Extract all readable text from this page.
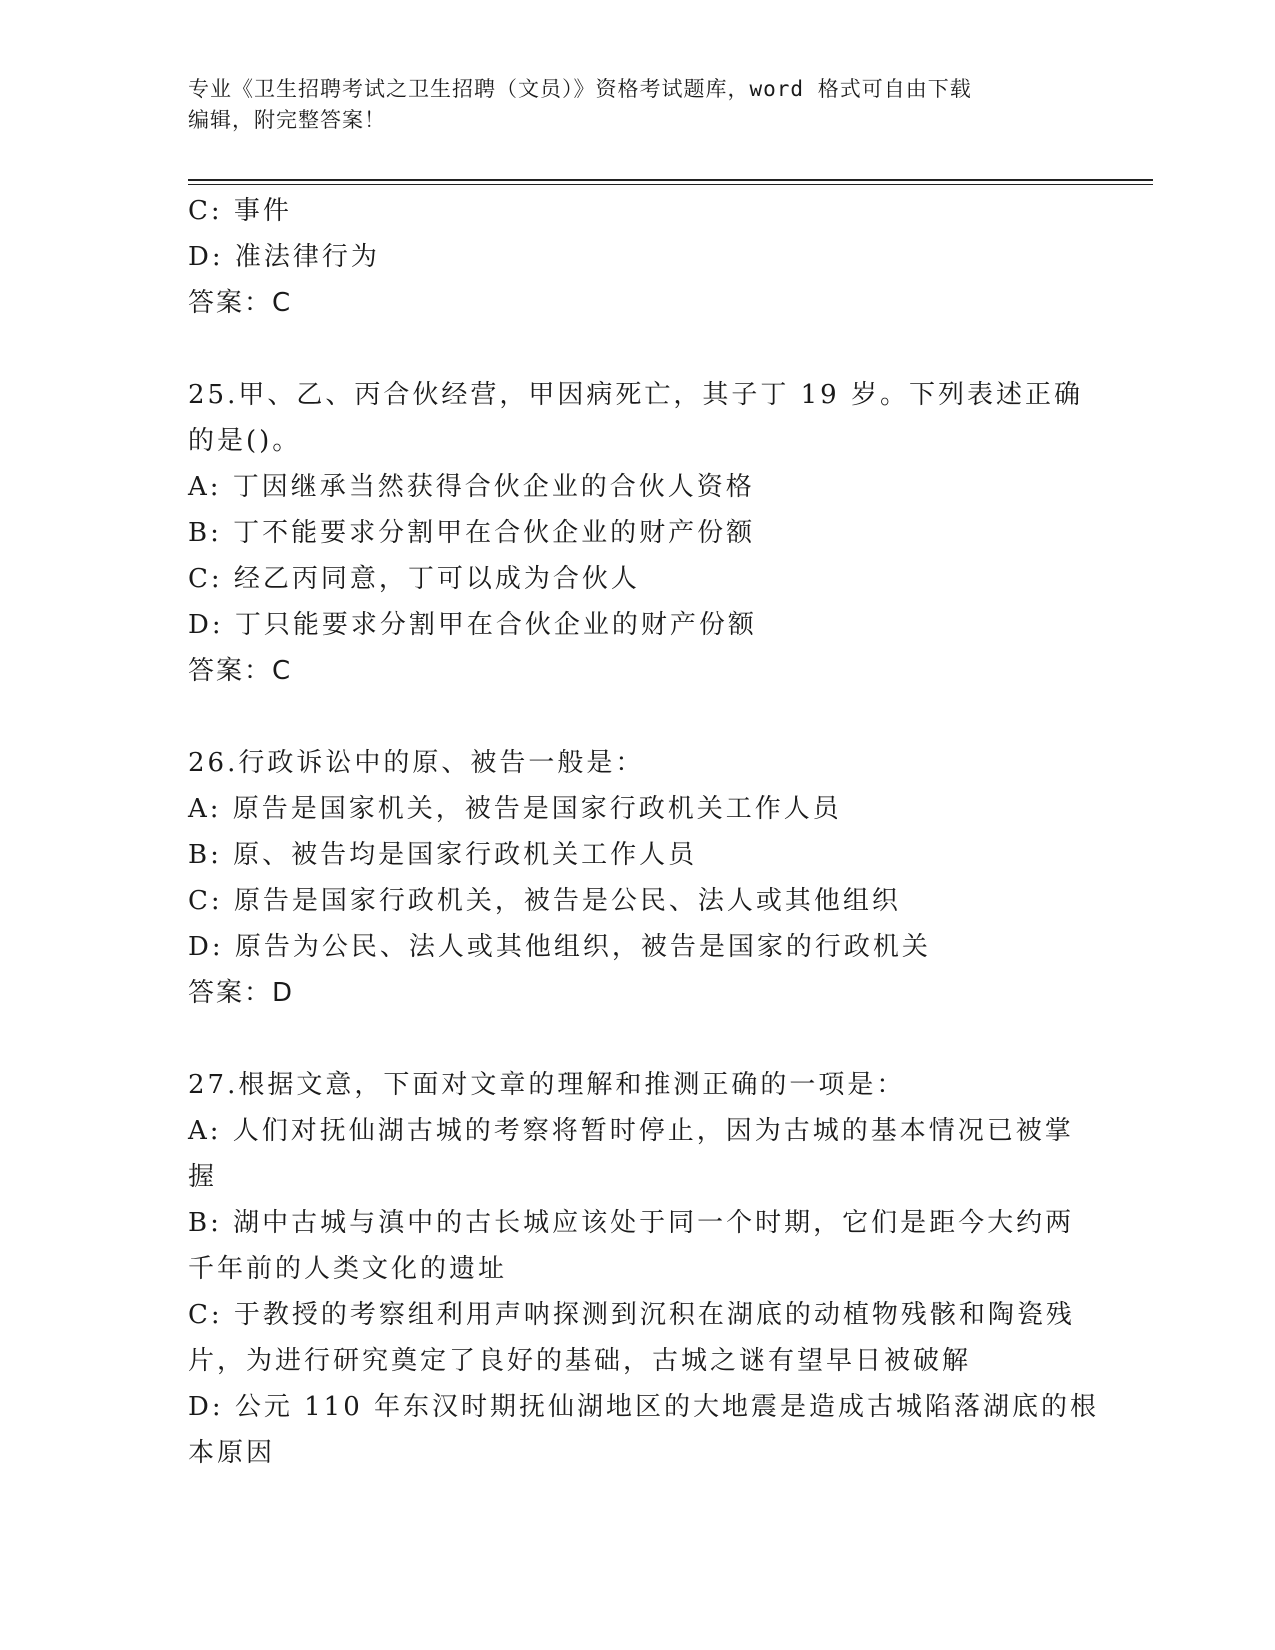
专业《卫生招聘考试之卫生招聘（文员）》资格考试题库，word 格式可自由下载
编辑，附完整答案！
C: 事件
D: 准法律行为
答案：C
25.甲、乙、丙合伙经营，甲因病死亡，其子丁 19 岁。下列表述正确
的是()。
A: 丁因继承当然获得合伙企业的合伙人资格
B: 丁不能要求分割甲在合伙企业的财产份额
C: 经乙丙同意，丁可以成为合伙人
D: 丁只能要求分割甲在合伙企业的财产份额
答案：C
26.行政诉讼中的原、被告一般是：
A: 原告是国家机关，被告是国家行政机关工作人员
B: 原、被告均是国家行政机关工作人员
C: 原告是国家行政机关，被告是公民、法人或其他组织
D: 原告为公民、法人或其他组织，被告是国家的行政机关
答案：D
27.根据文意，下面对文章的理解和推测正确的一项是：
A: 人们对抚仙湖古城的考察将暂时停止，因为古城的基本情况已被掌
握
B: 湖中古城与滇中的古长城应该处于同一个时期，它们是距今大约两
千年前的人类文化的遗址
C: 于教授的考察组利用声呐探测到沉积在湖底的动植物残骸和陶瓷残
片，为进行研究奠定了良好的基础，古城之谜有望早日被破解
D: 公元 110 年东汉时期抚仙湖地区的大地震是造成古城陷落湖底的根
本原因
